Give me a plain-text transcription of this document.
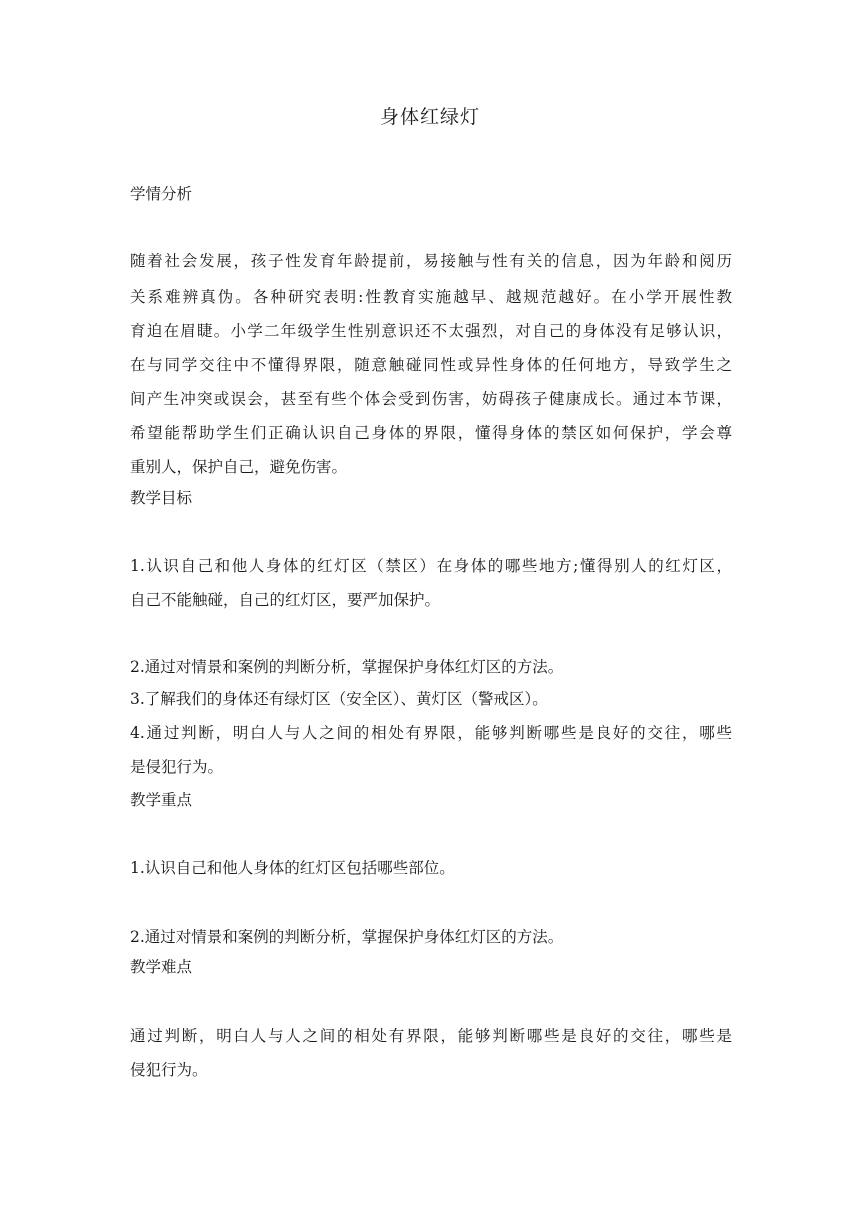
身体红绿灯
学情分析
随着社会发展，孩子性发育年龄提前，易接触与性有关的信息，因为年龄和阅历
关系难辨真伪。各种研究表明:性教育实施越早、越规范越好。在小学开展性教
育迫在眉睫。小学二年级学生性别意识还不太强烈，对自己的身体没有足够认识，
在与同学交往中不懂得界限，随意触碰同性或异性身体的任何地方，导致学生之
间产生冲突或误会，甚至有些个体会受到伤害，妨碍孩子健康成长。通过本节课，
希望能帮助学生们正确认识自己身体的界限，懂得身体的禁区如何保护，学会尊
重别人，保护自己，避免伤害。
教学目标
1.认识自己和他人身体的红灯区（禁区）在身体的哪些地方;懂得别人的红灯区，
自己不能触碰，自己的红灯区，要严加保护。
2.通过对情景和案例的判断分析，掌握保护身体红灯区的方法。
3.了解我们的身体还有绿灯区（安全区）、黄灯区（警戒区）。
4.通过判断，明白人与人之间的相处有界限，能够判断哪些是良好的交往，哪些
是侵犯行为。
教学重点
1.认识自己和他人身体的红灯区包括哪些部位。
2.通过对情景和案例的判断分析，掌握保护身体红灯区的方法。
教学难点
通过判断，明白人与人之间的相处有界限，能够判断哪些是良好的交往，哪些是
侵犯行为。
